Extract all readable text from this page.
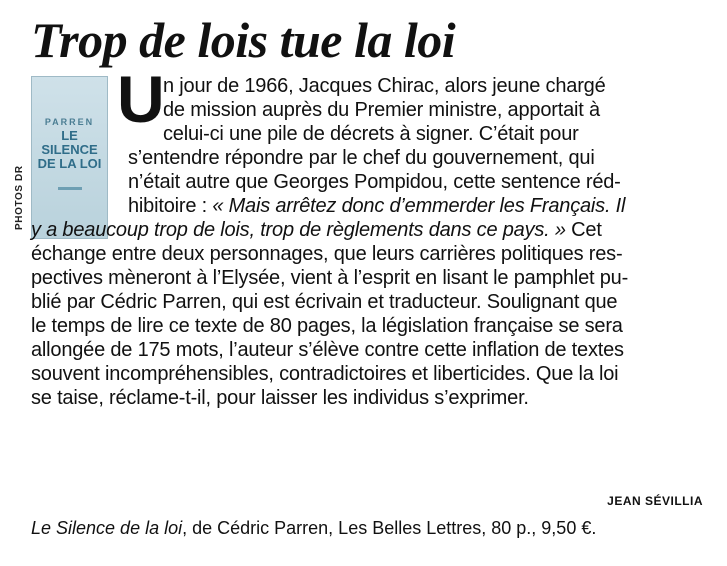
Trop de lois tue la loi
PHOTOS DR
PARREN
LE SILENCE DE LA LOI
U
n jour de 1966, Jacques Chirac, alors jeune chargé
de mission auprès du Premier ministre, apportait à
celui-ci une pile de décrets à signer. C’était pour
s’entendre répondre par le chef du gouvernement, qui
n’était autre que Georges Pompidou, cette sentence réd-
hibitoire : « Mais arrêtez donc d’emmerder les Français. Il
y a beaucoup trop de lois, trop de règlements dans ce pays. » Cet
échange entre deux personnages, que leurs carrières politiques res-
pectives mèneront à l’Elysée, vient à l’esprit en lisant le pamphlet pu-
blié par Cédric Parren, qui est écrivain et traducteur. Soulignant que
le temps de lire ce texte de 80 pages, la législation française se sera
allongée de 175 mots, l’auteur s’élève contre cette inflation de textes
souvent incompréhensibles, contradictoires et liberticides. Que la loi
se taise, réclame-t-il, pour laisser les individus s’exprimer.
JEAN SÉVILLIA
Le Silence de la loi, de Cédric Parren, Les Belles Lettres, 80 p., 9,50 €.
